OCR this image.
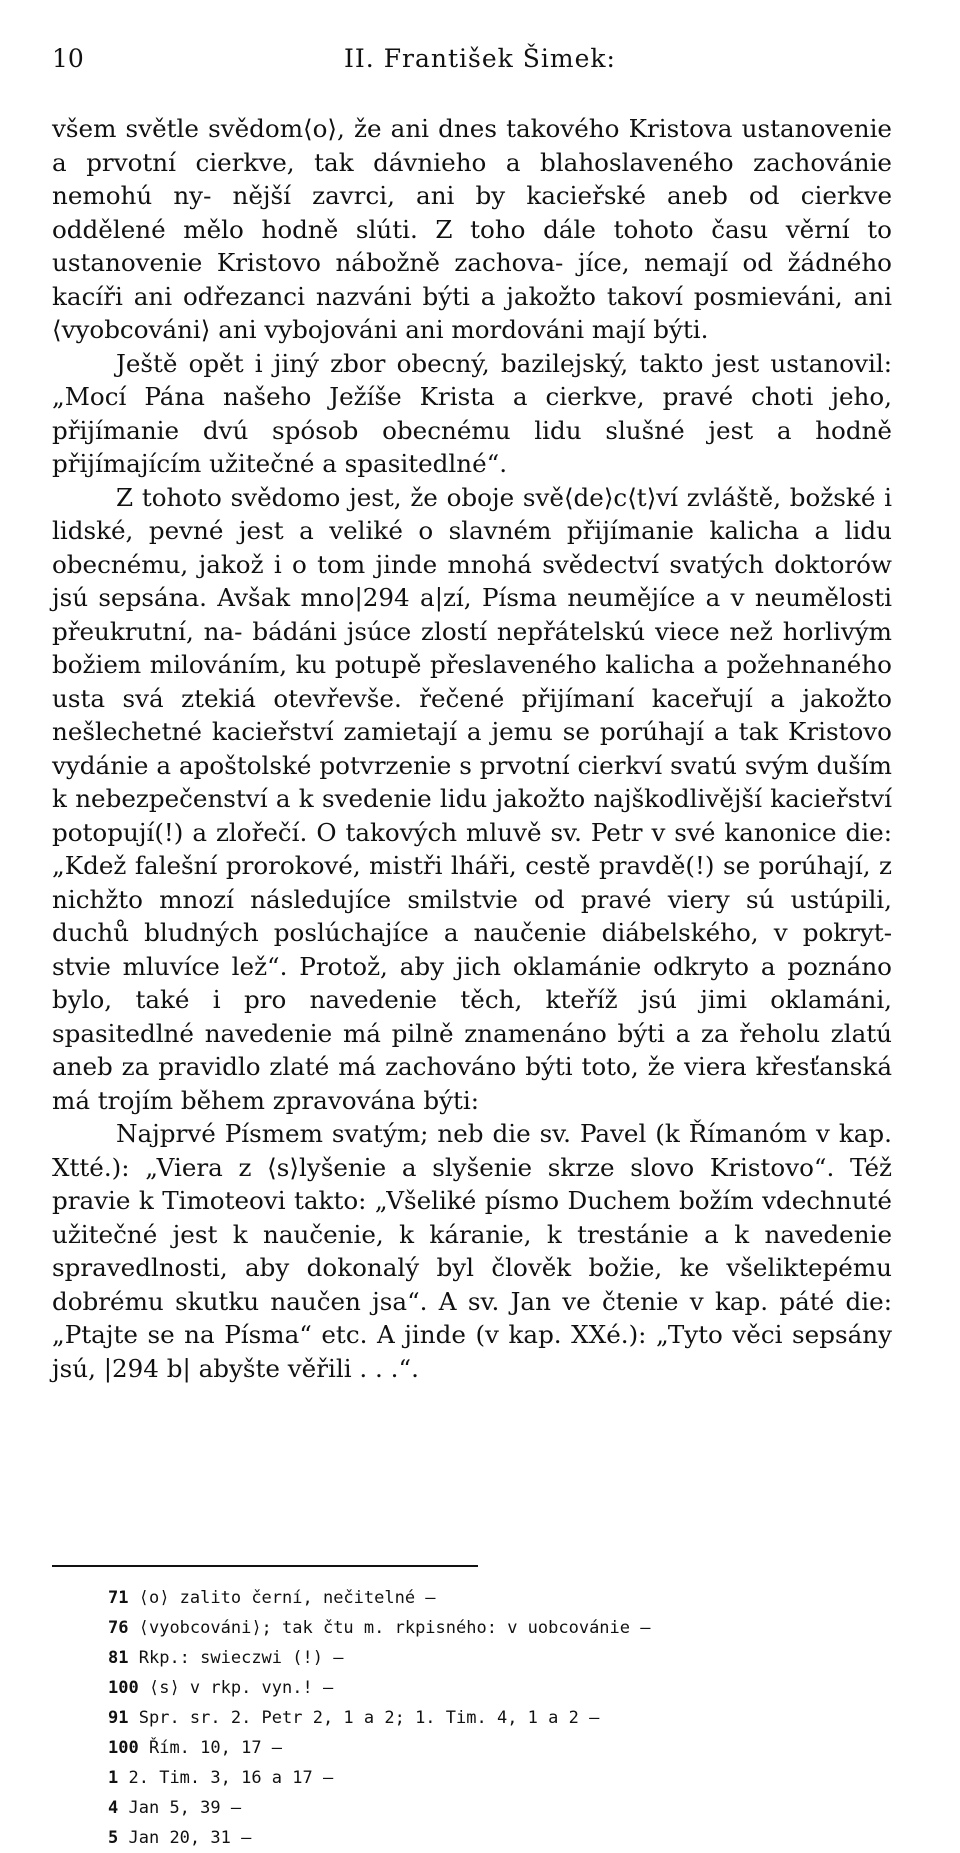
10	II. František Šimek:

všem světle svědom⟨o⟩, že ani dnes takového Kristova ustanovenie a prvotní cierkve, tak dávnieho a blahoslaveného zachovánie nemohú ny- nější zavrci, ani by kacieřské aneb od cierkve oddělené mělo hodně slúti. Z toho dále tohoto času věrní to ustanovenie Kristovo nábožně zachova- jíce, nemají od žádného kacíři ani odřezanci nazváni býti a jakožto takoví posmieváni, ani ⟨vyobcováni⟩ ani vybojováni ani mordováni mají býti.

Ještě opět i jiný zbor obecný, bazilejský, takto jest ustanovil: „Mocí Pána našeho Ježíše Krista a cierkve, pravé choti jeho, přijímanie dvú spósob obecnému lidu slušné jest a hodně přijímajícím užitečné a spasitedlné“.

Z tohoto svědomo jest, že oboje svě⟨de⟩c⟨t⟩ví zvláště, božské i lidské, pevné jest a veliké o slavném přijímanie kalicha a lidu obecnému, jakož i o tom jinde mnohá svědectví svatých doktorów jsú sepsána. Avšak mno|294 a|zí, Písma neumějíce a v neumělosti přeukrutní, na- bádáni jsúce zlostí nepřátelskú viece než horlivým božiem milováním, ku potupě přeslaveného kalicha a požehnaného usta svá ztekiá otevřevše. řečené přijímaní kaceřují a jakožto nešlechetné kacieřství zamietají a jemu se porúhají a tak Kristovo vydánie a apoštolské potvrzenie s prvotní cierkví svatú svým duším k nebezpečenství a k svedenie lidu jakožto najškodlivější kacieřství potopují(!) a zlořečí. O takových mluvě sv. Petr v své kanonice die: „Kdež falešní prorokové, mistři lháři, cestě pravdě(!) se porúhají, z nichžto mnozí následujíce smilstvie od pravé viery sú ustúpili, duchů bludných poslúchajíce a naučenie diábelského, v pokryt- stvie mluvíce lež“. Protož, aby jich oklamánie odkryto a poznáno bylo, také i pro navedenie těch, kteříž jsú jimi oklamáni, spasitedlné navedenie má pilně znamenáno býti a za řeholu zlatú aneb za pravidlo zlaté má zachováno býti toto, že viera křesťanská má trojím během zpravována býti:

Najprvé Písmem svatým; neb die sv. Pavel (k Římanóm v kap. Xtté.): „Viera z ⟨s⟩lyšenie a slyšenie skrze slovo Kristovo“. Též pravie k Timoteovi takto: „Všeliké písmo Duchem božím vdechnuté užitečné jest k naučenie, k káranie, k trestánie a k navedenie spravedlnosti, aby dokonalý byl člověk božie, ke všeliktерému dobrému skutku naučen jsa“. A sv. Jan ve čtenie v kap. páté die: „Ptajte se na Písma“ etc. A jinde (v kap. XXé.): „Tyto věci sepsány jsú, |294 b| abyšte věřili . . .“.

71 ⟨o⟩ zalito černí, nečitelné —
76 ⟨vyobcováni⟩; tak čtu m. rkpisného: v uobcovánie —
81 Rkp.: swieczwi (!) —
100 ⟨s⟩ v rkp. vyn.! —
91 Spr. sr. 2. Petr 2, 1 a 2; 1. Tim. 4, 1 a 2 —
100 Řím. 10, 17 —
1 2. Tim. 3, 16 a 17 —
4 Jan 5, 39 —
5 Jan 20, 31 —
